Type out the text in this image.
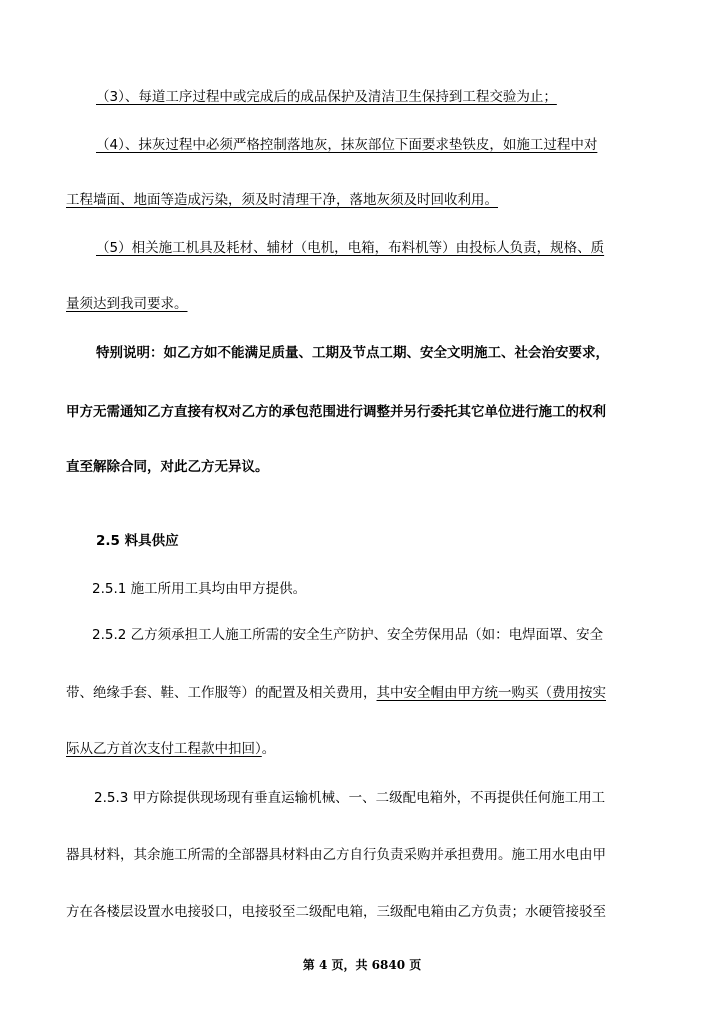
（3）、每道工序过程中或完成后的成品保护及清洁卫生保持到工程交验为止；
（4）、抹灰过程中必须严格控制落地灰，抹灰部位下面要求垫铁皮，如施工过程中对
工程墙面、地面等造成污染，须及时清理干净，落地灰须及时回收利用。
（5）相关施工机具及耗材、辅材（电机，电箱，布料机等）由投标人负责，规格、质
量须达到我司要求。
特别说明：如乙方如不能满足质量、工期及节点工期、安全文明施工、社会治安要求，
甲方无需通知乙方直接有权对乙方的承包范围进行调整并另行委托其它单位进行施工的权利
直至解除合同，对此乙方无异议。
2.5 料具供应
2.5.1 施工所用工具均由甲方提供。
2.5.2 乙方须承担工人施工所需的安全生产防护、安全劳保用品（如：电焊面罩、安全
带、绝缘手套、鞋、工作服等）的配置及相关费用，其中安全帽由甲方统一购买（费用按实
际从乙方首次支付工程款中扣回）。
2.5.3 甲方除提供现场现有垂直运输机械、一、二级配电箱外，不再提供任何施工用工
器具材料，其余施工所需的全部器具材料由乙方自行负责采购并承担费用。施工用水电由甲
方在各楼层设置水电接驳口，电接驳至二级配电箱，三级配电箱由乙方负责；水硬管接驳至
第 4 页，共 6840 页
